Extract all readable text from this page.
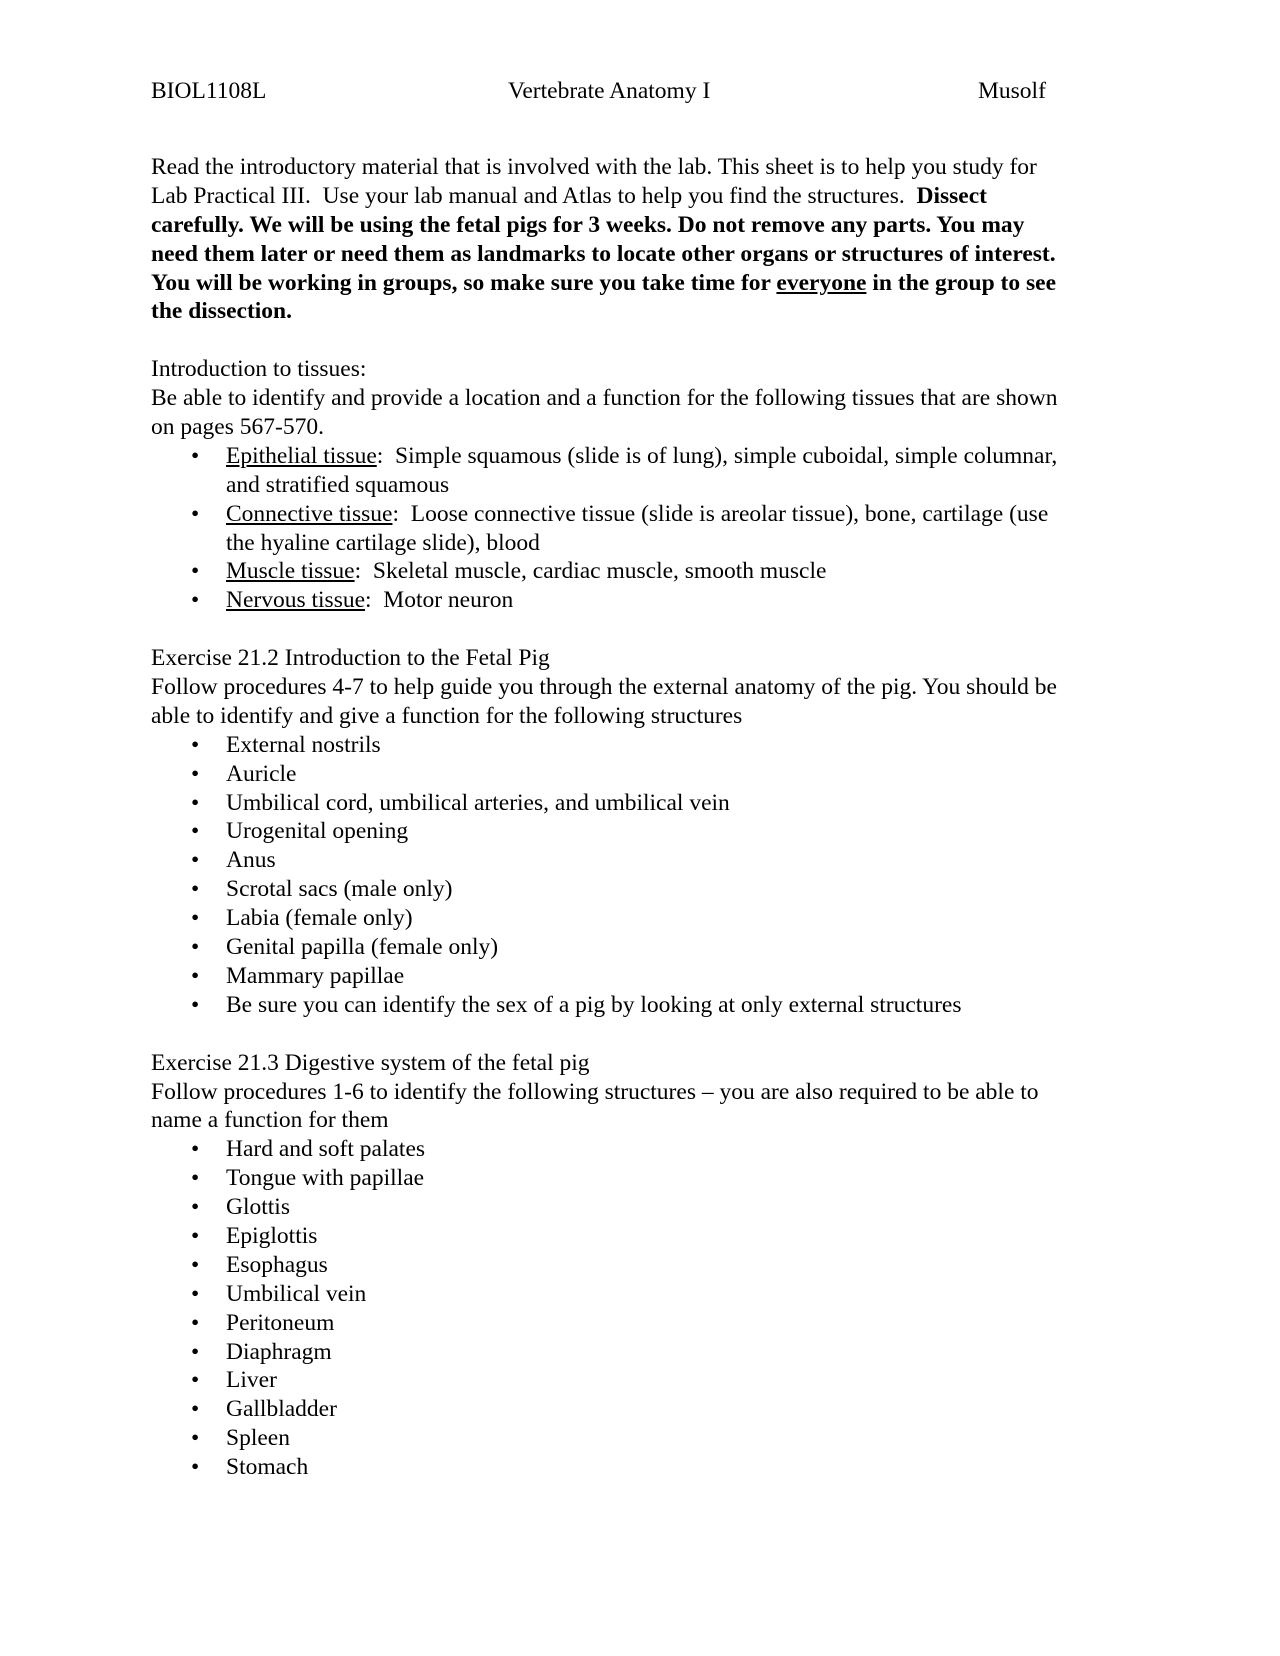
BIOL1108L	Vertebrate Anatomy I	Musolf
Read the introductory material that is involved with the lab. This sheet is to help you study for
Lab Practical III.  Use your lab manual and Atlas to help you find the structures.  Dissect
carefully. We will be using the fetal pigs for 3 weeks. Do not remove any parts. You may
need them later or need them as landmarks to locate other organs or structures of interest.
You will be working in groups, so make sure you take time for everyone in the group to see
the dissection.
Introduction to tissues:
Be able to identify and provide a location and a function for the following tissues that are shown
on pages 567-570.
• Epithelial tissue:  Simple squamous (slide is of lung), simple cuboidal, simple columnar,
and stratified squamous
• Connective tissue:  Loose connective tissue (slide is areolar tissue), bone, cartilage (use
the hyaline cartilage slide), blood
• Muscle tissue:  Skeletal muscle, cardiac muscle, smooth muscle
• Nervous tissue:  Motor neuron
Exercise 21.2 Introduction to the Fetal Pig
Follow procedures 4-7 to help guide you through the external anatomy of the pig. You should be
able to identify and give a function for the following structures
• External nostrils
• Auricle
• Umbilical cord, umbilical arteries, and umbilical vein
• Urogenital opening
• Anus
• Scrotal sacs (male only)
• Labia (female only)
• Genital papilla (female only)
• Mammary papillae
• Be sure you can identify the sex of a pig by looking at only external structures
Exercise 21.3 Digestive system of the fetal pig
Follow procedures 1-6 to identify the following structures – you are also required to be able to
name a function for them
• Hard and soft palates
• Tongue with papillae
• Glottis
• Epiglottis
• Esophagus
• Umbilical vein
• Peritoneum
• Diaphragm
• Liver
• Gallbladder
• Spleen
• Stomach
